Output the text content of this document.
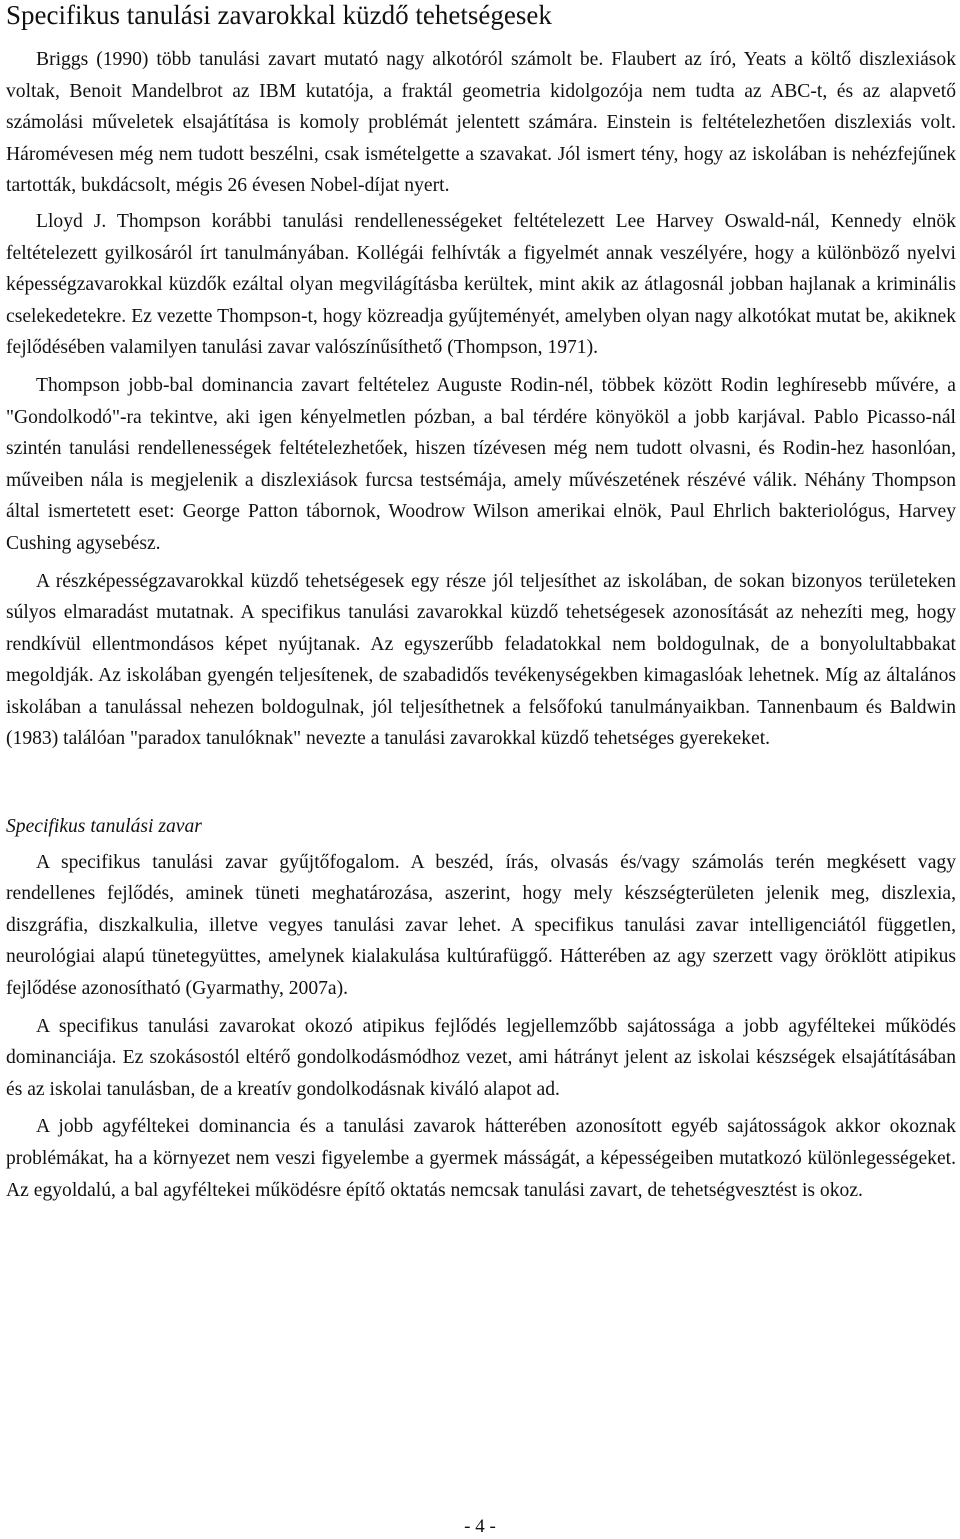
Specifikus tanulási zavarokkal küzdő tehetségesek

Briggs (1990) több tanulási zavart mutató nagy alkotóról számolt be. Flaubert az író, Yeats a költő diszlexiások voltak, Benoit Mandelbrot az IBM kutatója, a fraktál geometria kidolgozója nem tudta az ABC-t, és az alapvető számolási műveletek elsajátítása is komoly problémát jelentett számára. Einstein is feltételezhetően diszlexiás volt. Háromévesen még nem tudott beszélni, csak ismételgette a szavakat. Jól ismert tény, hogy az iskolában is nehézfejűnek tartották, bukdácsolt, mégis 26 évesen Nobel-díjat nyert.

Lloyd J. Thompson korábbi tanulási rendellenességeket feltételezett Lee Harvey Oswald-nál, Kennedy elnök feltételezett gyilkosáról írt tanulmányában. Kollégái felhívták a figyelmét annak veszélyére, hogy a különböző nyelvi képességzavarokkal küzdők ezáltal olyan megvilágításba kerültek, mint akik az átlagosnál jobban hajlanak a kriminális cselekedetekre. Ez vezette Thompson-t, hogy közreadja gyűjteményét, amelyben olyan nagy alkotókat mutat be, akiknek fejlődésében valamilyen tanulási zavar valószínűsíthető (Thompson, 1971).

Thompson jobb-bal dominancia zavart feltételez Auguste Rodin-nél, többek között Rodin leghíresebb művére, a "Gondolkodó"-ra tekintve, aki igen kényelmetlen pózban, a bal térdére könyököl a jobb karjával. Pablo Picasso-nál szintén tanulási rendellenességek feltételezhetőek, hiszen tízévesen még nem tudott olvasni, és Rodin-hez hasonlóan, műveiben nála is megjelenik a diszlexiások furcsa testsémája, amely művészetének részévé válik. Néhány Thompson által ismertetett eset: George Patton tábornok, Woodrow Wilson amerikai elnök, Paul Ehrlich bakteriológus, Harvey Cushing agysebész.

A részképességzavarokkal küzdő tehetségesek egy része jól teljesíthet az iskolában, de sokan bizonyos területeken súlyos elmaradást mutatnak. A specifikus tanulási zavarokkal küzdő tehetségesek azonosítását az nehezíti meg, hogy rendkívül ellentmondásos képet nyújtanak. Az egyszerűbb feladatokkal nem boldogulnak, de a bonyolultabbakat megoldják. Az iskolában gyengén teljesítenek, de szabadidős tevékenységekben kimagaslóak lehetnek. Míg az általános iskolában a tanulással nehezen boldogulnak, jól teljesíthetnek a felsőfokú tanulmányaikban. Tannenbaum és Baldwin (1983) találóan "paradox tanulóknak" nevezte a tanulási zavarokkal küzdő tehetséges gyerekeket.

Specifikus tanulási zavar

A specifikus tanulási zavar gyűjtőfogalom. A beszéd, írás, olvasás és/vagy számolás terén megkésett vagy rendellenes fejlődés, aminek tüneti meghatározása, aszerint, hogy mely készségterületen jelenik meg, diszlexia, diszgráfia, diszkalkulia, illetve vegyes tanulási zavar lehet. A specifikus tanulási zavar intelligenciától független, neurológiai alapú tünetegyüttes, amelynek kialakulása kultúrafüggő. Hátterében az agy szerzett vagy öröklött atipikus fejlődése azonosítható (Gyarmathy, 2007a).

A specifikus tanulási zavarokat okozó atipikus fejlődés legjellemzőbb sajátossága a jobb agyféltekei működés dominanciája. Ez szokásostól eltérő gondolkodásmódhoz vezet, ami hátrányt jelent az iskolai készségek elsajátításában és az iskolai tanulásban, de a kreatív gondolkodásnak kiváló alapot ad.

A jobb agyféltekei dominancia és a tanulási zavarok hátterében azonosított egyéb sajátosságok akkor okoznak problémákat, ha a környezet nem veszi figyelembe a gyermek másságát, a képességeiben mutatkozó különlegességeket. Az egyoldalú, a bal agyféltekei működésre építő oktatás nemcsak tanulási zavart, de tehetségvesztést is okoz.

- 4 -
